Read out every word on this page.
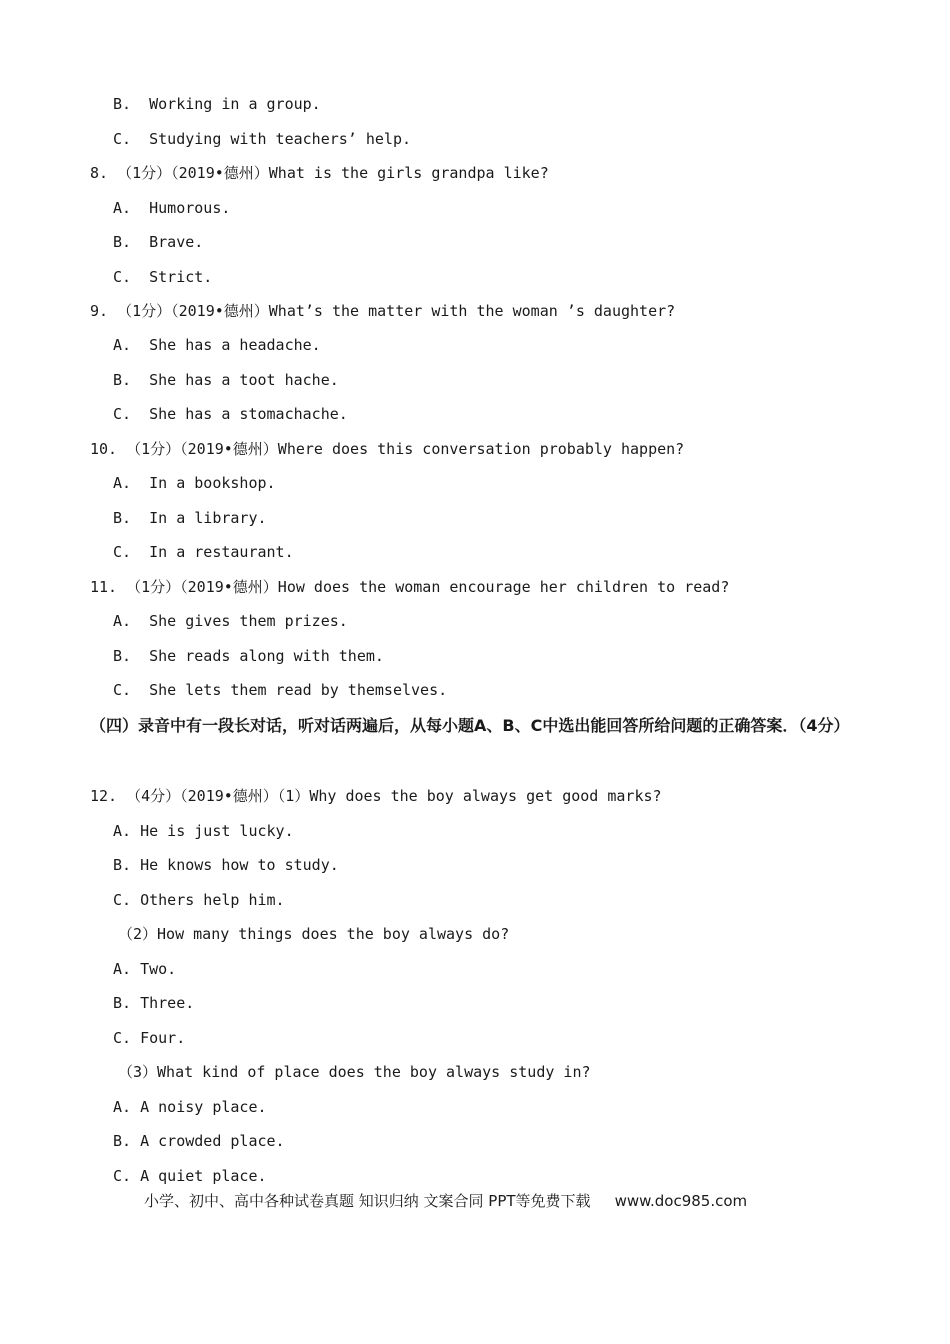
B. Working in a group.
C. Studying with teachers’ help.
8. （1分）（2019•德州）What is the girls grandpa like?
A.  Humorous.
B.  Brave.
C.  Strict.
9. （1分）（2019•德州）What’s the matter with the woman ’s daughter?
A.  She has a headache.
B.  She has a toot hache.
C.  She has a stomachache.
10. （1分）（2019•德州）Where does this conversation probably happen?
A.  In a bookshop.
B.  In a library.
C.  In a restaurant.
11. （1分）（2019•德州）How does the woman encourage her children to read?
A.  She gives them prizes.
B.  She reads along with them.
C.  She lets them read by themselves.
（四）录音中有一段长对话，听对话两遍后，从每小题A、B、C中选出能回答所给问题的正确答案．（4分）
12. （4分）（2019•德州）（1）Why does the boy always get good marks?
A. He is just lucky.
B. He knows how to study.
C. Others help him.
（2）How many things does the boy always do?
A. Two.
B. Three.
C. Four.
（3）What kind of place does the boy always study in?
A. A noisy place.
B. A crowded place.
C. A quiet place.
小学、初中、高中各种试卷真题 知识归纳 文案合同 PPT等免费下载 www.doc985.com
